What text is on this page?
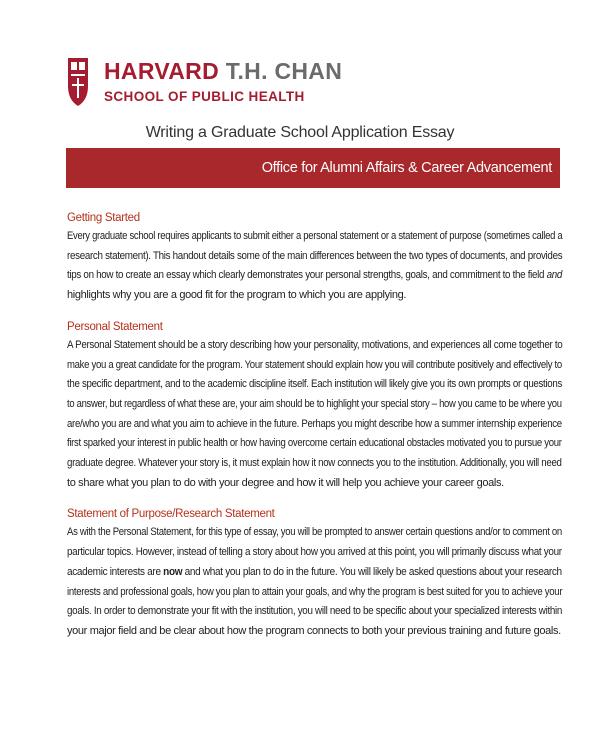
HARVARD T.H. CHAN
SCHOOL OF PUBLIC HEALTH
Writing a Graduate School Application Essay
Office for Alumni Affairs & Career Advancement
Getting Started
Every graduate school requires applicants to submit either a personal statement or a statement of purpose (sometimes called a
research statement). This handout details some of the main differences between the two types of documents, and provides
tips on how to create an essay which clearly demonstrates your personal strengths, goals, and commitment to the field and
highlights why you are a good fit for the program to which you are applying.
Personal Statement
A Personal Statement should be a story describing how your personality, motivations, and experiences all come together to
make you a great candidate for the program. Your statement should explain how you will contribute positively and effectively to
the specific department, and to the academic discipline itself. Each institution will likely give you its own prompts or questions
to answer, but regardless of what these are, your aim should be to highlight your special story – how you came to be where you
are/who you are and what you aim to achieve in the future. Perhaps you might describe how a summer internship experience
first sparked your interest in public health or how having overcome certain educational obstacles motivated you to pursue your
graduate degree. Whatever your story is, it must explain how it now connects you to the institution. Additionally, you will need
to share what you plan to do with your degree and how it will help you achieve your career goals.
Statement of Purpose/Research Statement
As with the Personal Statement, for this type of essay, you will be prompted to answer certain questions and/or to comment on
particular topics. However, instead of telling a story about how you arrived at this point, you will primarily discuss what your
academic interests are now and what you plan to do in the future. You will likely be asked questions about your research
interests and professional goals, how you plan to attain your goals, and why the program is best suited for you to achieve your
goals. In order to demonstrate your fit with the institution, you will need to be specific about your specialized interests within
your major field and be clear about how the program connects to both your previous training and future goals.
